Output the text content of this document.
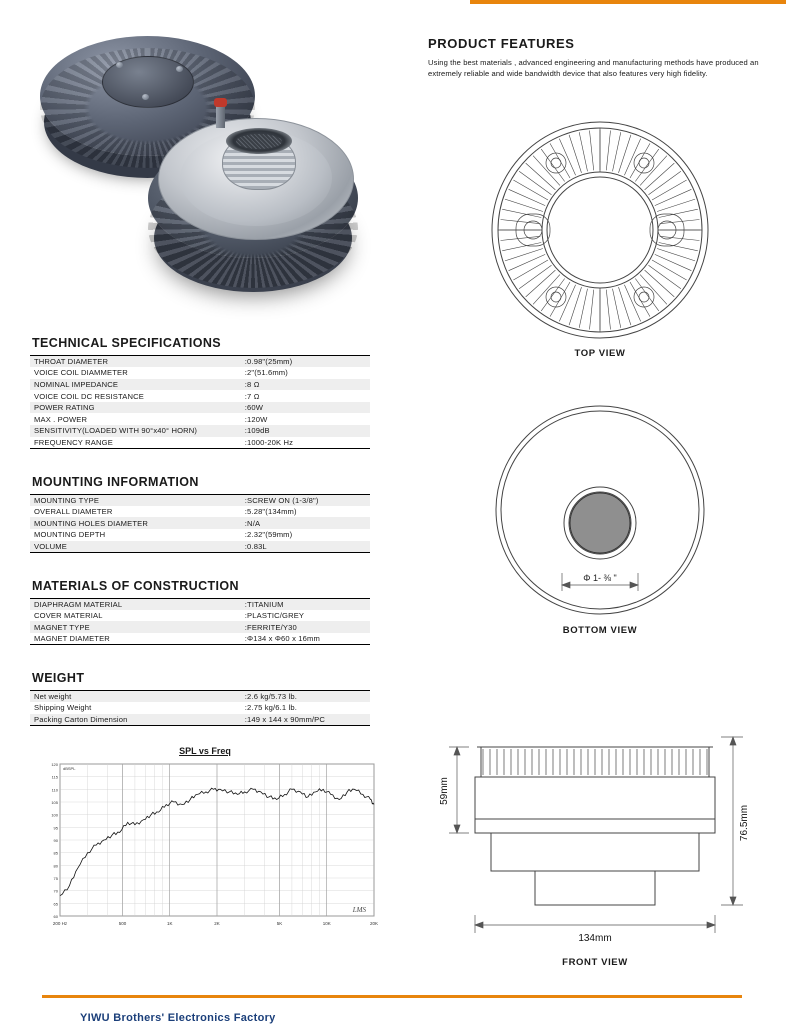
TECHNICAL SPECIFICATIONS
THROAT DIAMETER	:0.98"(25mm)
VOICE COIL DIAMMETER	:2"(51.6mm)
NOMINAL IMPEDANCE	:8 Ω
VOICE COIL DC RESISTANCE	:7 Ω
POWER RATING	:60W
MAX . POWER	:120W
SENSITIVITY(LOADED WITH 90°x40° HORN)	:109dB
FREQUENCY RANGE	:1000-20K Hz
MOUNTING INFORMATION
MOUNTING TYPE	:SCREW ON (1-3/8")
OVERALL DIAMETER	:5.28"(134mm)
MOUNTING HOLES DIAMETER	:N/A
MOUNTING DEPTH	:2.32"(59mm)
VOLUME	:0.83L
MATERIALS OF CONSTRUCTION
DIAPHRAGM MATERIAL	:TITANIUM
COVER MATERIAL	:PLASTIC/GREY
MAGNET TYPE	:FERRITE/Y30
MAGNET DIAMETER	:Φ134 x Φ60 x 16mm
WEIGHT
Net weight	:2.6 kg/5.73 lb.
Shipping Weight	:2.75 kg/6.1 lb.
Packing Carton Dimension	:149 x 144 x 90mm/PC
SPL vs Freq
120
115
110
105
100
95
90
85
80
75
70
65
60
200 Hz	500	1K	2K	5K	10K	20K
dBSPL
LMS
PRODUCT FEATURES
Using the best materials , advanced engineering and manufacturing methods have produced an extremely reliable and wide bandwidth device that also features very high fidelity.
TOP VIEW
Φ 1- ⅜ "
BOTTOM VIEW
59mm
76.5mm
134mm
FRONT VIEW
YIWU Brothers' Electronics Factory
